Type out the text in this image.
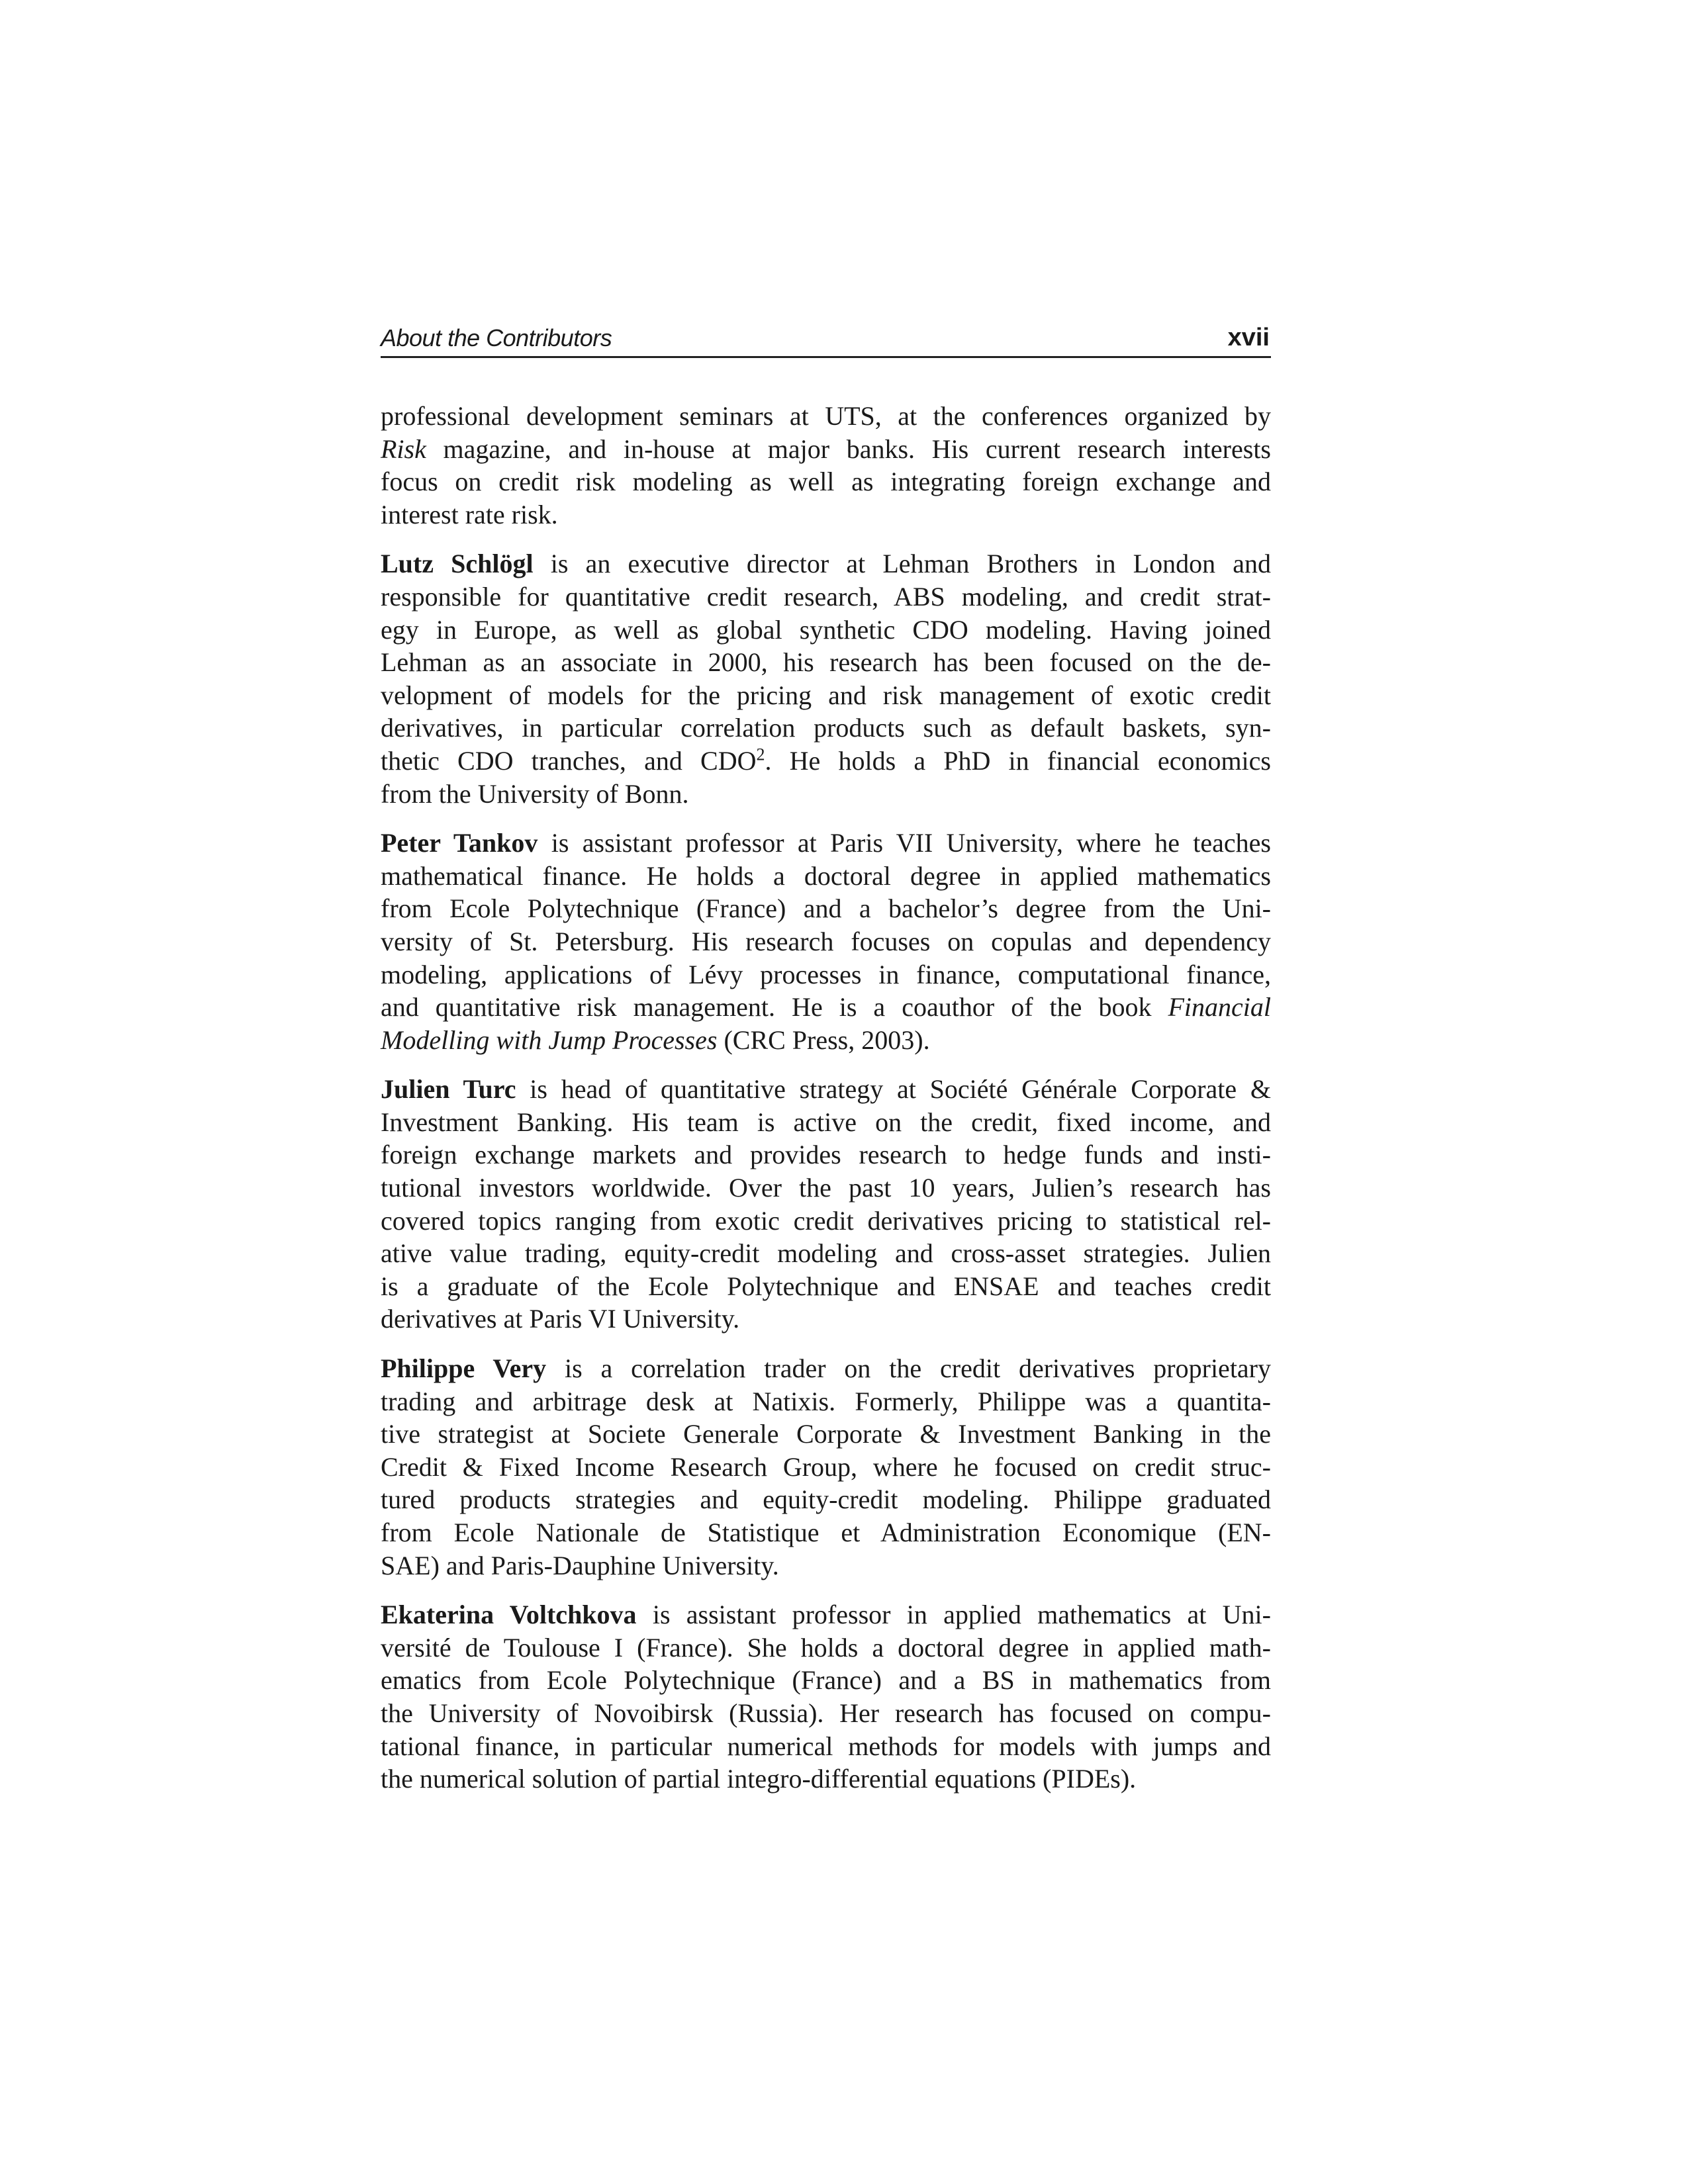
About the Contributors	xvii
professional development seminars at UTS, at the conferences organized by
Risk magazine, and in-house at major banks. His current research interests
focus on credit risk modeling as well as integrating foreign exchange and
interest rate risk.
Lutz Schlögl is an executive director at Lehman Brothers in London and
responsible for quantitative credit research, ABS modeling, and credit strat-
egy in Europe, as well as global synthetic CDO modeling. Having joined
Lehman as an associate in 2000, his research has been focused on the de-
velopment of models for the pricing and risk management of exotic credit
derivatives, in particular correlation products such as default baskets, syn-
thetic CDO tranches, and CDO$^2$. He holds a PhD in financial economics
from the University of Bonn.
Peter Tankov is assistant professor at Paris VII University, where he teaches
mathematical finance. He holds a doctoral degree in applied mathematics
from Ecole Polytechnique (France) and a bachelor’s degree from the Uni-
versity of St. Petersburg. His research focuses on copulas and dependency
modeling, applications of Lévy processes in finance, computational finance,
and quantitative risk management. He is a coauthor of the book Financial
Modelling with Jump Processes (CRC Press, 2003).
Julien Turc is head of quantitative strategy at Société Générale Corporate &
Investment Banking. His team is active on the credit, fixed income, and
foreign exchange markets and provides research to hedge funds and insti-
tutional investors worldwide. Over the past 10 years, Julien’s research has
covered topics ranging from exotic credit derivatives pricing to statistical rel-
ative value trading, equity-credit modeling and cross-asset strategies. Julien
is a graduate of the Ecole Polytechnique and ENSAE and teaches credit
derivatives at Paris VI University.
Philippe Very is a correlation trader on the credit derivatives proprietary
trading and arbitrage desk at Natixis. Formerly, Philippe was a quantita-
tive strategist at Societe Generale Corporate & Investment Banking in the
Credit & Fixed Income Research Group, where he focused on credit struc-
tured products strategies and equity-credit modeling. Philippe graduated
from Ecole Nationale de Statistique et Administration Economique (EN-
SAE) and Paris-Dauphine University.
Ekaterina Voltchkova is assistant professor in applied mathematics at Uni-
versité de Toulouse I (France). She holds a doctoral degree in applied math-
ematics from Ecole Polytechnique (France) and a BS in mathematics from
the University of Novoibirsk (Russia). Her research has focused on compu-
tational finance, in particular numerical methods for models with jumps and
the numerical solution of partial integro-differential equations (PIDEs).
